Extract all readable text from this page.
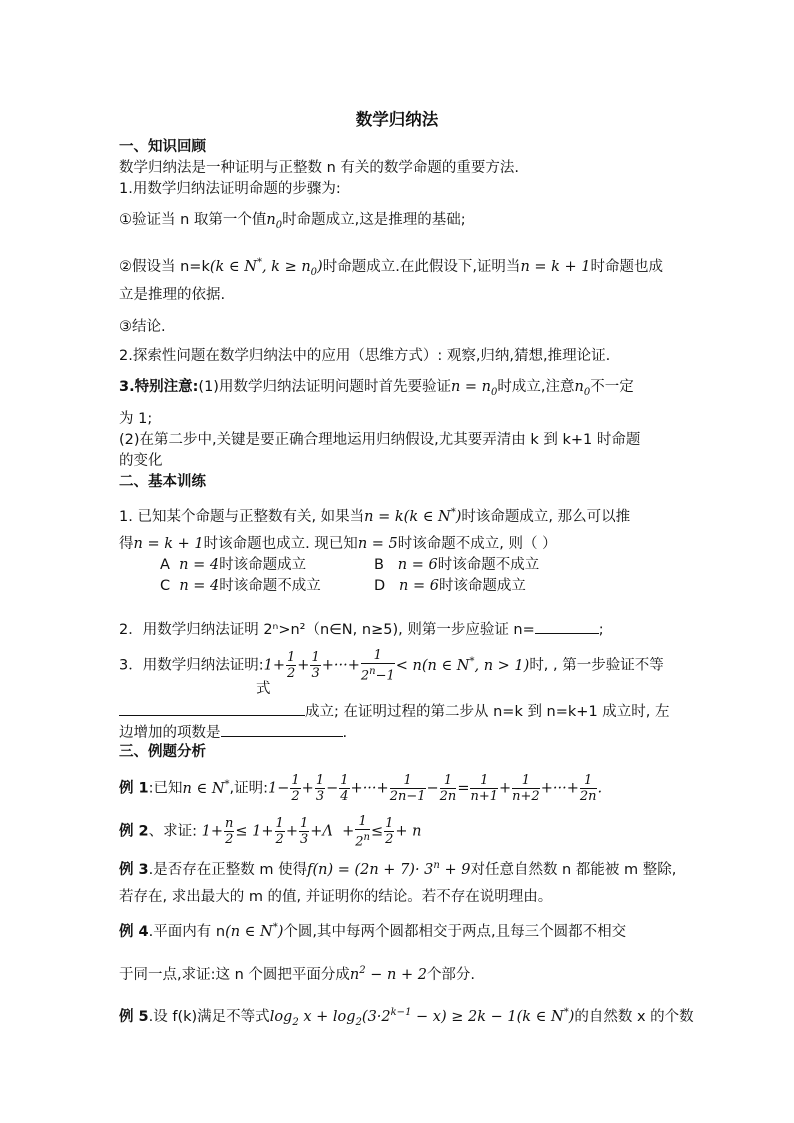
数学归纳法
一、知识回顾
数学归纳法是一种证明与正整数 n 有关的数学命题的重要方法.
1.用数学归纳法证明命题的步骤为:
①验证当 n 取第一个值$n_0$时命题成立,这是推理的基础;
②假设当 n=k(k ∈ N*, $k \ge n_0$)时命题成立.在此假设下,证明当n = k + 1时命题也成
立是推理的依据.
③结论.
2.探索性问题在数学归纳法中的应用（思维方式）: 观察,归纳,猜想,推理论证.
3.特别注意:(1)用数学归纳法证明问题时首先要验证$n = n_0$时成立,注意$n_0$不一定
为 1;
(2)在第二步中,关键是要正确合理地运用归纳假设,尤其要弄清由 k 到 k+1 时命题
的变化
二、基本训练
1. 已知某个命题与正整数有关, 如果当n = k(k ∈ N*)时该命题成立, 那么可以推
得n = k + 1时该命题也成立. 现已知n = 5时该命题不成立, 则（ ）
A n = 4时该命题成立	B n = 6时该命题不成立
C n = 4时该命题不成立	D n = 6时该命题成立
2．用数学归纳法证明 2ⁿ>n²（n∈N, n≥5), 则第一步应验证 n=	;
3．用数学归纳法证明:1+ $\frac{1}{2} + \frac{1}{3}$ +···+ $\frac{1}{2^n-1} < n(n$ ∈ N*, n > 1)时, , 第一步验证不等
式
成立; 在证明过程的第二步从 n=k 到 n=k+1 成立时, 左
边增加的项数是	.
三、例题分析
例 1:已知n ∈ N*,证明:1− $\frac{1}{2} + \frac{1}{3} - \frac{1}{4}$ +···+ $\frac{1}{2n-1} - \frac{1}{2n} = \frac{1}{n+1} + \frac{1}{n+2}$ +···+ $\frac{1}{2n}$ .
例 2、求证: $1+ \frac{n}{2} \le 1+ \frac{1}{2} + \frac{1}{3} +\Lambda + \frac{1}{2^n} \le \frac{1}{2} + n$
例 3.是否存在正整数 m 使得$f(n) = (2n + 7)\cdot 3^n + 9$对任意自然数 n 都能被 m 整除,
若存在, 求出最大的 m 的值, 并证明你的结论。若不存在说明理由。
例 4.平面内有 n(n ∈ N*)个圆,其中每两个圆都相交于两点,且每三个圆都不相交
于同一点,求证:这 n 个圆把平面分成$n^2 - n + 2$个部分.
例 5.设 f(k)满足不等式$\log_2 x + \log_2(3\cdot 2^{k-1} - x) \ge 2k - 1(k$ ∈ N*)的自然数 x 的个数
